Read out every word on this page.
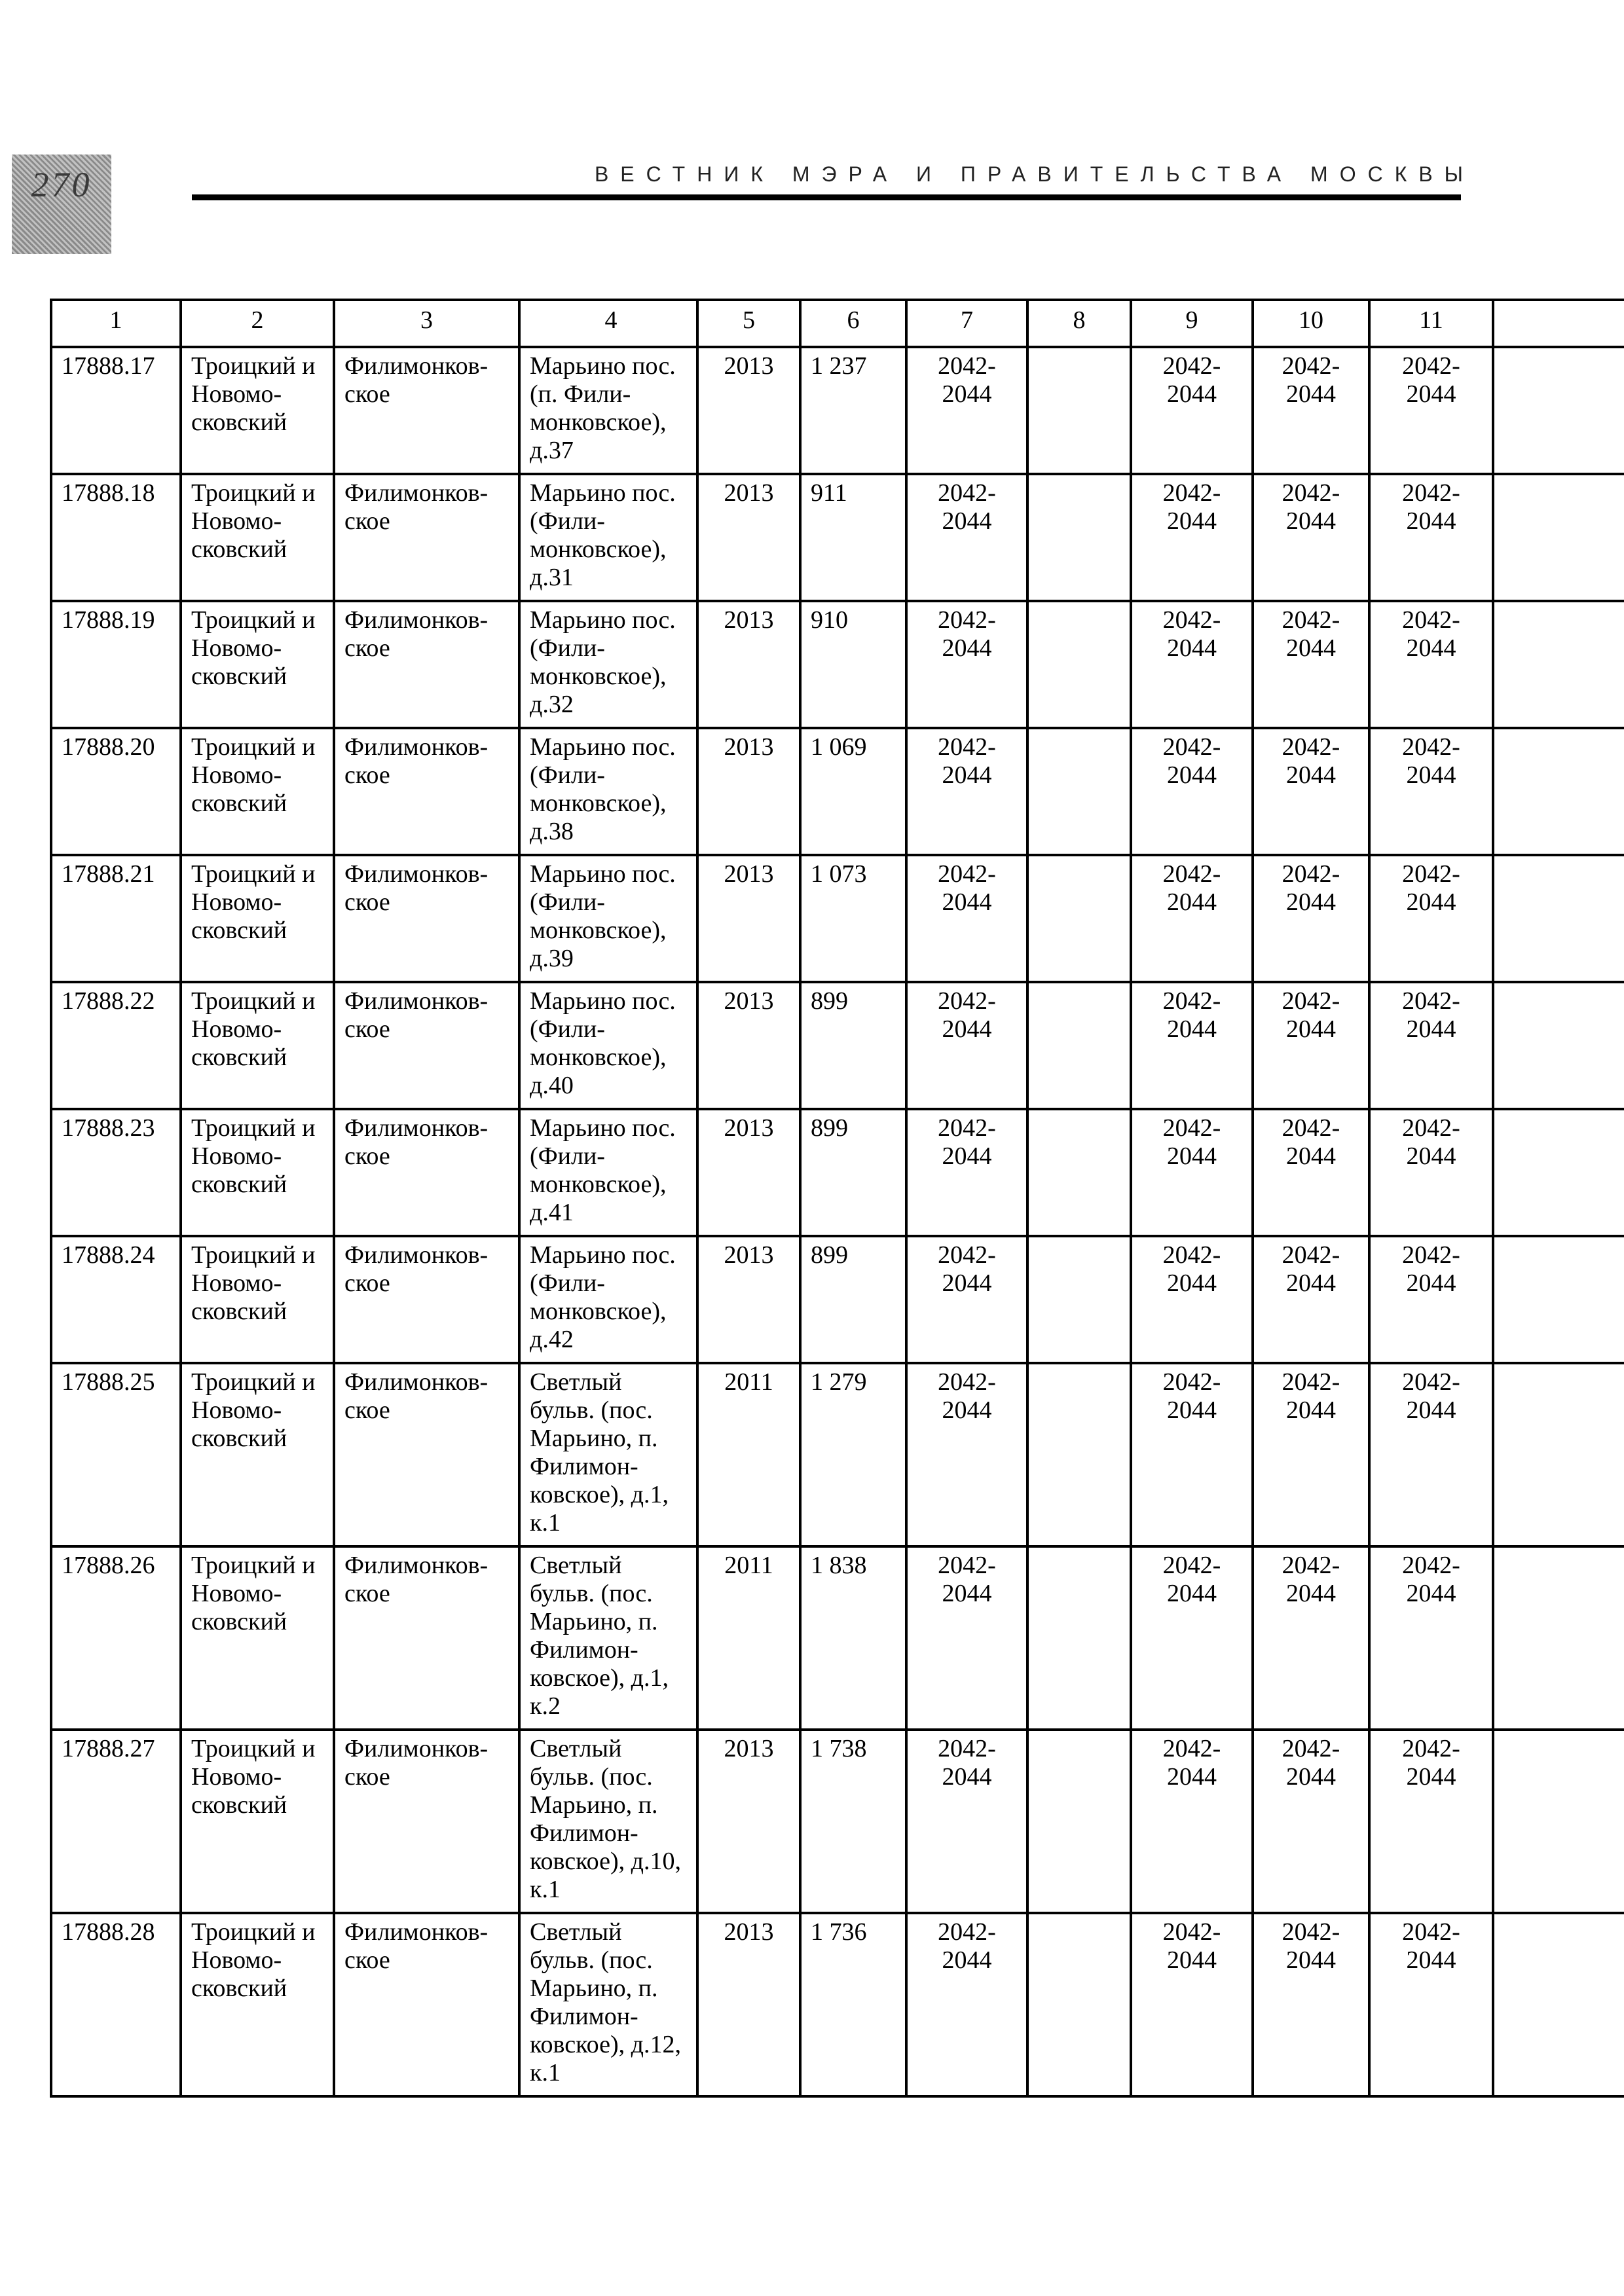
270	ВЕСТНИК МЭРА И ПРАВИТЕЛЬСТВА МОСКВЫ
1	2	3	4	5	6	7	8	9	10	11	
17888.17	Троицкий и Новомо-сковский	Филимонков-ское	Марьино пос. (п. Фили-монковское), д.37	2013	1 237	2042-2044		2042-2044	2042-2044	2042-2044	
17888.18	Троицкий и Новомо-сковский	Филимонков-ское	Марьино пос.(Фили-монковское), д.31	2013	911	2042-2044		2042-2044	2042-2044	2042-2044	
17888.19	Троицкий и Новомо-сковский	Филимонков-ское	Марьино пос.(Фили-монковское), д.32	2013	910	2042-2044		2042-2044	2042-2044	2042-2044	
17888.20	Троицкий и Новомо-сковский	Филимонков-ское	Марьино пос.(Фили-монковское), д.38	2013	1 069	2042-2044		2042-2044	2042-2044	2042-2044	
17888.21	Троицкий и Новомо-сковский	Филимонков-ское	Марьино пос.(Фили-монковское), д.39	2013	1 073	2042-2044		2042-2044	2042-2044	2042-2044	
17888.22	Троицкий и Новомо-сковский	Филимонков-ское	Марьино пос.(Фили-монковское), д.40	2013	899	2042-2044		2042-2044	2042-2044	2042-2044	
17888.23	Троицкий и Новомо-сковский	Филимонков-ское	Марьино пос.(Фили-монковское), д.41	2013	899	2042-2044		2042-2044	2042-2044	2042-2044	
17888.24	Троицкий и Новомо-сковский	Филимонков-ское	Марьино пос.(Фили-монковское), д.42	2013	899	2042-2044		2042-2044	2042-2044	2042-2044	
17888.25	Троицкий и Новомо-сковский	Филимонков-ское	Светлый бульв. (пос. Марьино, п. Филимон-ковское), д.1, к.1	2011	1 279	2042-2044		2042-2044	2042-2044	2042-2044	
17888.26	Троицкий и Новомо-сковский	Филимонков-ское	Светлый бульв. (пос. Марьино, п. Филимон-ковское), д.1, к.2	2011	1 838	2042-2044		2042-2044	2042-2044	2042-2044	
17888.27	Троицкий и Новомо-сковский	Филимонков-ское	Светлый бульв. (пос. Марьино, п. Филимон-ковское), д.10, к.1	2013	1 738	2042-2044		2042-2044	2042-2044	2042-2044	
17888.28	Троицкий и Новомо-сковский	Филимонков-ское	Светлый бульв. (пос. Марьино, п. Филимон-ковское), д.12, к.1	2013	1 736	2042-2044		2042-2044	2042-2044	2042-2044	
